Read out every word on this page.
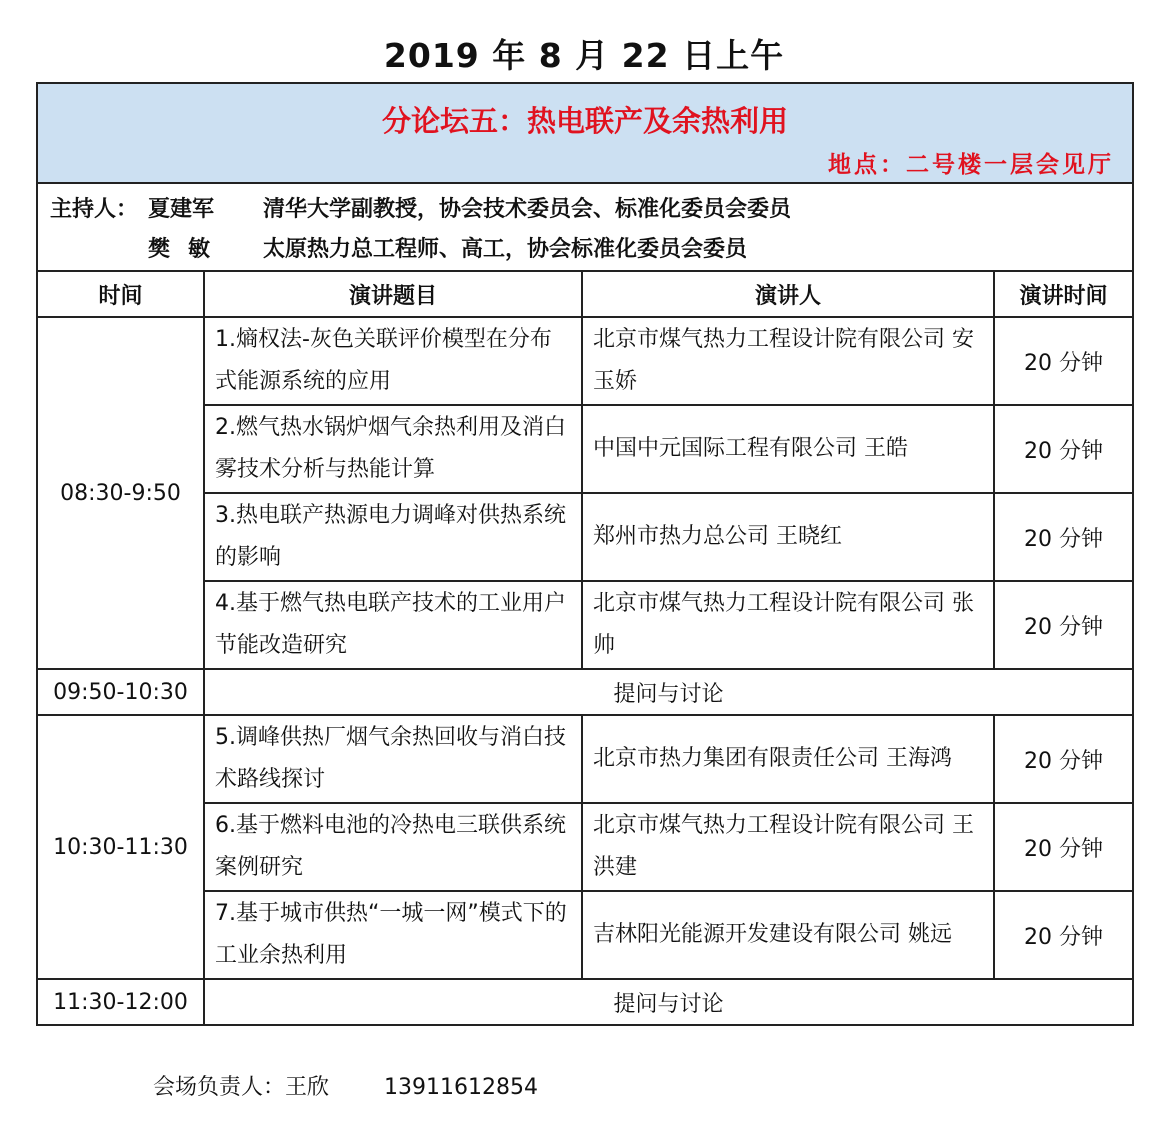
2019 年 8 月 22 日上午
分论坛五：热电联产及余热利用
地点：二号楼一层会见厅			

主持人： 夏建军 清华大学副教授，协会技术委员会、标准化委员会委员
樊敏 太原热力总工程师、高工，协会标准化委员会委员			

时间	演讲题目	演讲人	演讲时间
08:30-9:50	1.熵权法-灰色关联评价模型在分布式能源系统的应用	北京市煤气热力工程设计院有限公司 安玉娇	20 分钟
	2.燃气热水锅炉烟气余热利用及消白雾技术分析与热能计算	中国中元国际工程有限公司 王皓	20 分钟
	3.热电联产热源电力调峰对供热系统的影响	郑州市热力总公司 王晓红	20 分钟
	4.基于燃气热电联产技术的工业用户节能改造研究	北京市煤气热力工程设计院有限公司 张帅	20 分钟
09:50-10:30	提问与讨论		
10:30-11:30	5.调峰供热厂烟气余热回收与消白技术路线探讨	北京市热力集团有限责任公司 王海鸿	20 分钟
	6.基于燃料电池的冷热电三联供系统案例研究	北京市煤气热力工程设计院有限公司 王洪建	20 分钟
	7.基于城市供热“一城一网”模式下的工业余热利用	吉林阳光能源开发建设有限公司 姚远	20 分钟
11:30-12:00	提问与讨论		
会场负责人：王欣	13911612854
